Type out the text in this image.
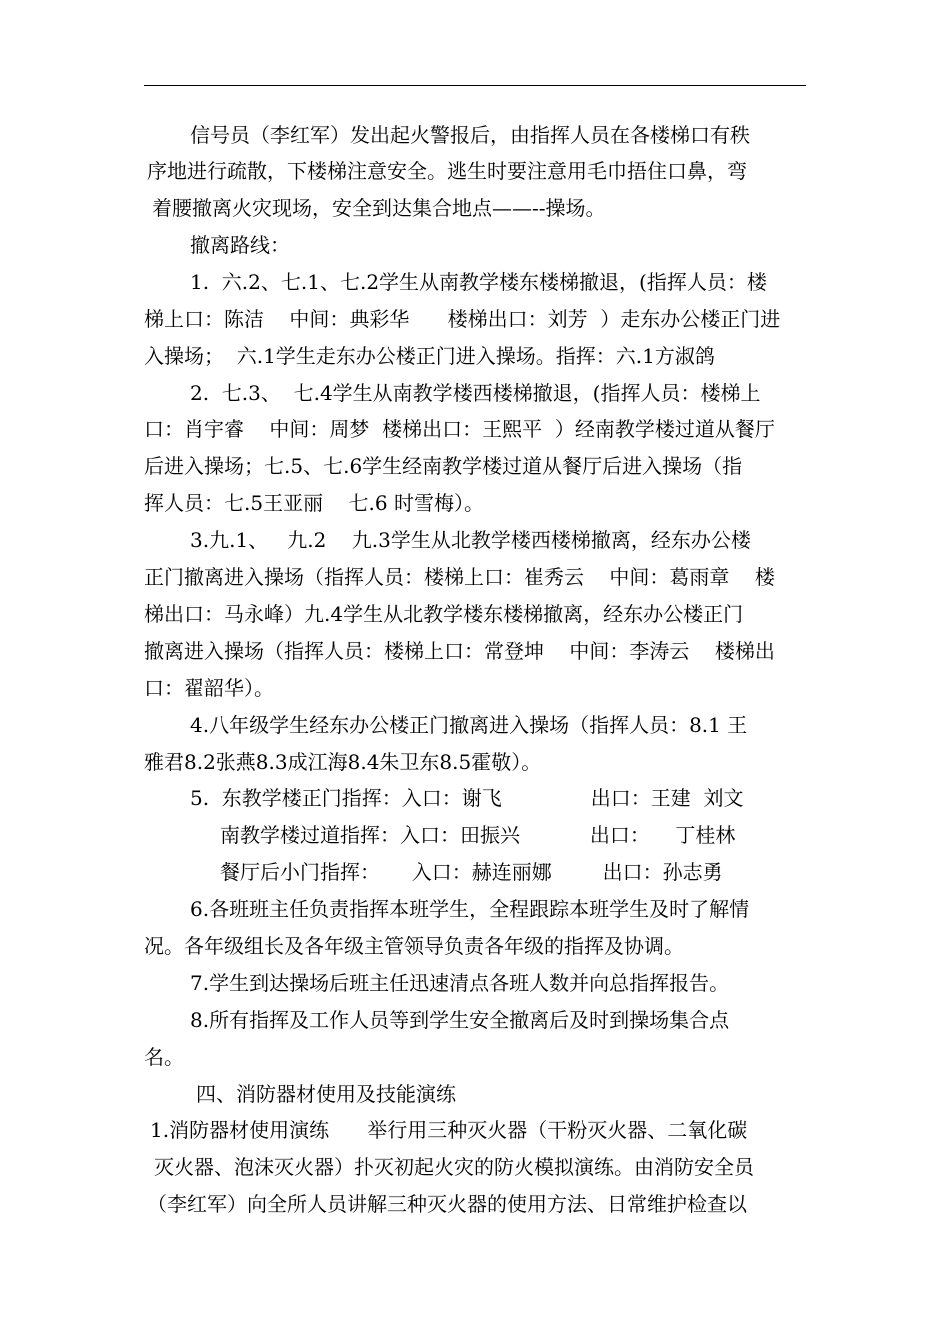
信号员（李红军）发出起火警报后，由指挥人员在各楼梯口有秩
序地进行疏散，下楼梯注意安全。逃生时要注意用毛巾捂住口鼻，弯
着腰撤离火灾现场，安全到达集合地点——--操场。
撤离路线：
1.  六.2、七.1、七.2学生从南教学楼东楼梯撤退，(指挥人员：楼
梯上口：陈洁    中间：典彩华      楼梯出口：刘芳  ）走东办公楼正门进
入操场；  六.1学生走东办公楼正门进入操场。指挥：六.1方淑鸽
2.  七.3、  七.4学生从南教学楼西楼梯撤退，(指挥人员：楼梯上
口：肖宇睿    中间：周梦  楼梯出口：王熙平  ）经南教学楼过道从餐厅
后进入操场；七.5、七.6学生经南教学楼过道从餐厅后进入操场（指
挥人员：七.5王亚丽    七.6 时雪梅）。
3.九.1、   九.2    九.3学生从北教学楼西楼梯撤离，经东办公楼
正门撤离进入操场（指挥人员：楼梯上口：崔秀云    中间：葛雨章    楼
梯出口：马永峰）九.4学生从北教学楼东楼梯撤离，经东办公楼正门
撤离进入操场（指挥人员：楼梯上口：常登坤    中间：李涛云    楼梯出
口：翟韶华）。
4.八年级学生经东办公楼正门撤离进入操场（指挥人员：8.1 王
雅君8.2张燕8.3成江海8.4朱卫东8.5霍敬）。
5.  东教学楼正门指挥：入口：谢飞              出口：王建  刘文
南教学楼过道指挥：入口：田振兴           出口：    丁桂林
餐厅后小门指挥：     入口：赫连丽娜        出口：孙志勇
6.各班班主任负责指挥本班学生，全程跟踪本班学生及时了解情
况。各年级组长及各年级主管领导负责各年级的指挥及协调。
7.学生到达操场后班主任迅速清点各班人数并向总指挥报告。
8.所有指挥及工作人员等到学生安全撤离后及时到操场集合点
名。
四、消防器材使用及技能演练
1.消防器材使用演练      举行用三种灭火器（干粉灭火器、二氧化碳
灭火器、泡沫灭火器）扑灭初起火灾的防火模拟演练。由消防安全员
（李红军）向全所人员讲解三种灭火器的使用方法、日常维护检查以
